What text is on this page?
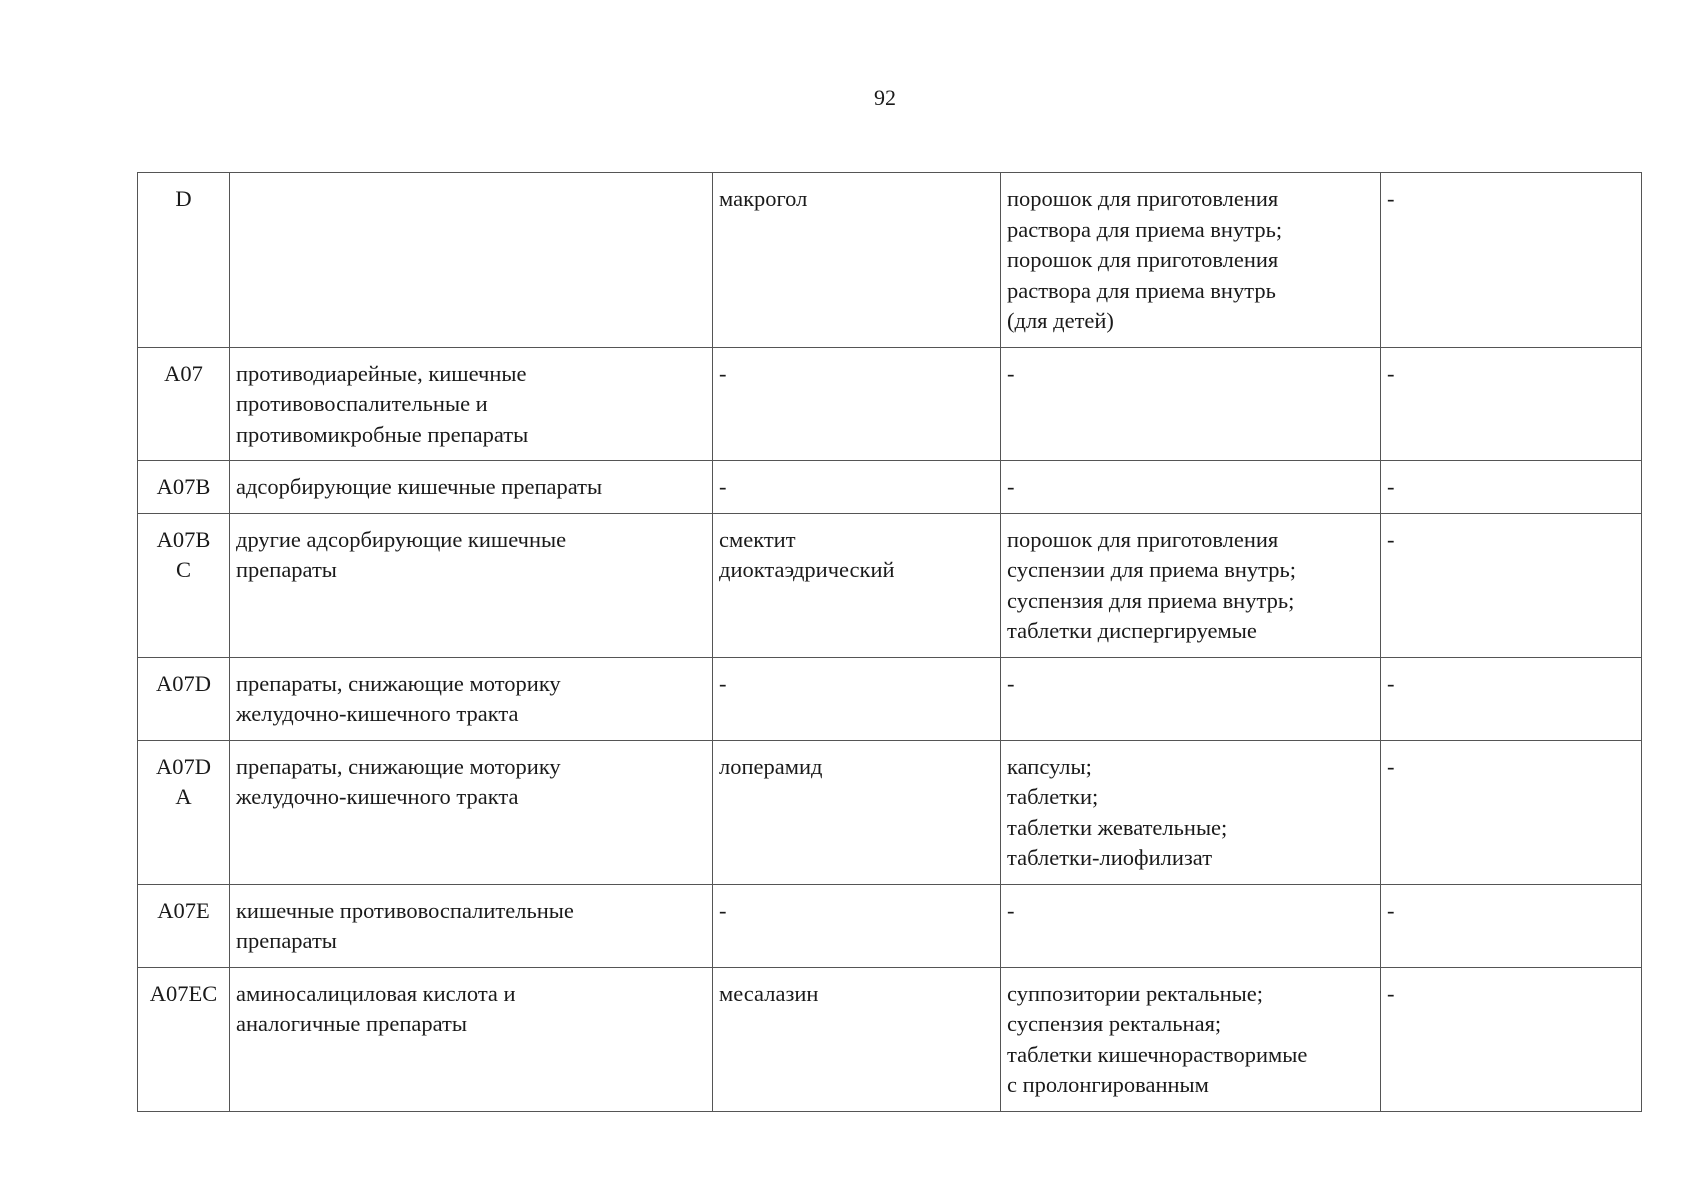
92
D		макрогол	порошок для приготовления
раствора для приема внутрь;
порошок для приготовления
раствора для приема внутрь
(для детей)	-
A07	противодиарейные, кишечные
противовоспалительные и
противомикробные препараты	-	-	-
A07B	адсорбирующие кишечные препараты	-	-	-
A07B
C	другие адсорбирующие кишечные
препараты	смектит
диоктаэдрический	порошок для приготовления
суспензии для приема внутрь;
суспензия для приема внутрь;
таблетки диспергируемые	-
A07D	препараты, снижающие моторику
желудочно-кишечного тракта	-	-	-
A07D
A	препараты, снижающие моторику
желудочно-кишечного тракта	лоперамид	капсулы;
таблетки;
таблетки жевательные;
таблетки-лиофилизат	-
A07E	кишечные противовоспалительные
препараты	-	-	-
A07EC	аминосалициловая кислота и
аналогичные препараты	месалазин	суппозитории ректальные;
суспензия ректальная;
таблетки кишечнорастворимые
с пролонгированным	-
